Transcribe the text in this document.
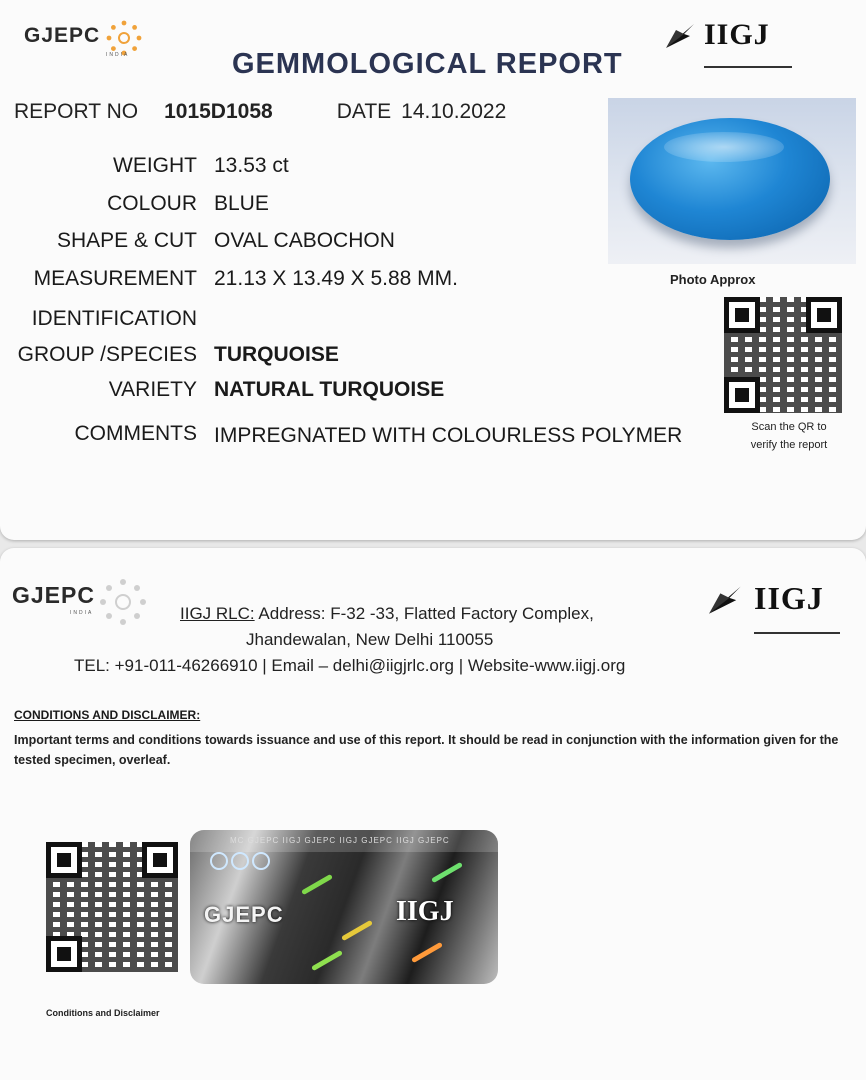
GJEPC
INDIA
IIGJ
GEMMOLOGICAL REPORT
REPORT NO 1015D1058	DATE 14.10.2022
WEIGHT 13.53 ct
COLOUR BLUE
SHAPE & CUT OVAL CABOCHON
MEASUREMENT 21.13 X 13.49 X 5.88 MM.
IDENTIFICATION
GROUP /SPECIES TURQUOISE
VARIETY NATURAL TURQUOISE
COMMENTS IMPREGNATED WITH COLOURLESS POLYMER
Photo Approx
Scan the QR to
verify the report
GJEPC
INDIA	IIGJ
IIGJ RLC: Address: F-32 -33, Flatted Factory Complex,
Jhandewalan, New Delhi 110055
TEL: +91-011-46266910 | Email – delhi@iigjrlc.org | Website-www.iigj.org
CONDITIONS AND DISCLAIMER:
Important terms and conditions towards issuance and use of this report. It should be read in conjunction with the information given for the tested specimen, overleaf.
Conditions and Disclaimer
MC GJEPC IIGJ GJEPC IIGJ GJEPC IIGJ GJEPC
GJEPC	IIGJ
